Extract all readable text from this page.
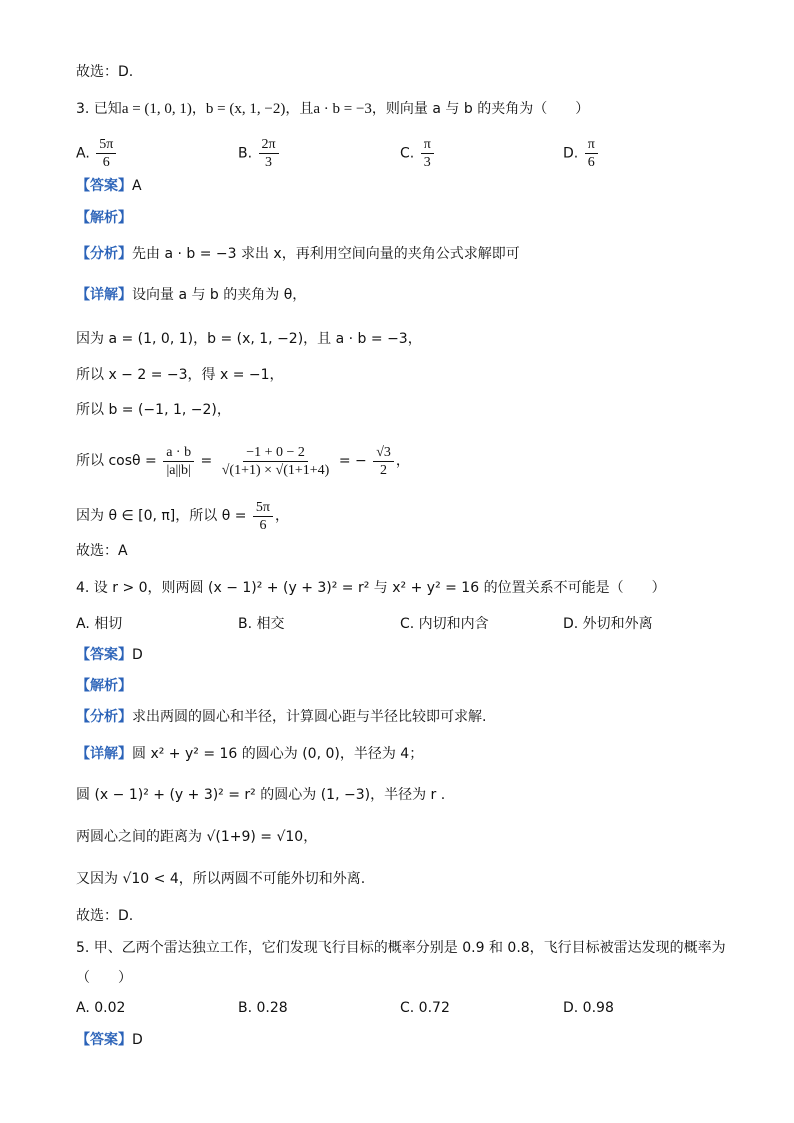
故选：D.
3. 已知a = (1, 0, 1)，b = (x, 1, −2)，且a · b = −3，则向量 a 与 b 的夹角为（　　）
A. $\frac{5\pi}{6}$	B. $\frac{2\pi}{3}$	C. $\frac{\pi}{3}$	D. $\frac{\pi}{6}$
【答案】A
【解析】
【分析】先由 a · b = −3 求出 x，再利用空间向量的夹角公式求解即可
【详解】设向量 a 与 b 的夹角为 θ，
因为 a = (1, 0, 1)，b = (x, 1, −2)，且 a · b = −3，
所以 x − 2 = −3，得 x = −1，
所以 b = (−1, 1, −2)，
所以 $\cos\theta = \frac{a \cdot b}{|a||b|} = \frac{-1 + 0 - 2}{√(1+1) \times √(1+1+4)}$ = − $\frac{√3}{2}$ ，
因为 θ ∈ [0, π]，所以 $\theta = \frac{5\pi}{6}$ ，
故选：A
4. 设 r > 0，则两圆 (x − 1)² + (y + 3)² = r² 与 x² + y² = 16 的位置关系不可能是（　　）
A. 相切	B. 相交	C. 内切和内含	D. 外切和外离
【答案】D
【解析】
【分析】求出两圆的圆心和半径，计算圆心距与半径比较即可求解.
【详解】圆 x² + y² = 16 的圆心为 (0, 0)，半径为 4；
圆 (x − 1)² + (y + 3)² = r² 的圆心为 (1, −3)，半径为 r .
两圆心之间的距离为 √(1+9) = √10，
又因为 √10 < 4，所以两圆不可能外切和外离.
故选：D.
5. 甲、乙两个雷达独立工作，它们发现飞行目标的概率分别是 0.9 和 0.8，飞行目标被雷达发现的概率为
（　　）
A. 0.02	B. 0.28	C. 0.72	D. 0.98
【答案】D
